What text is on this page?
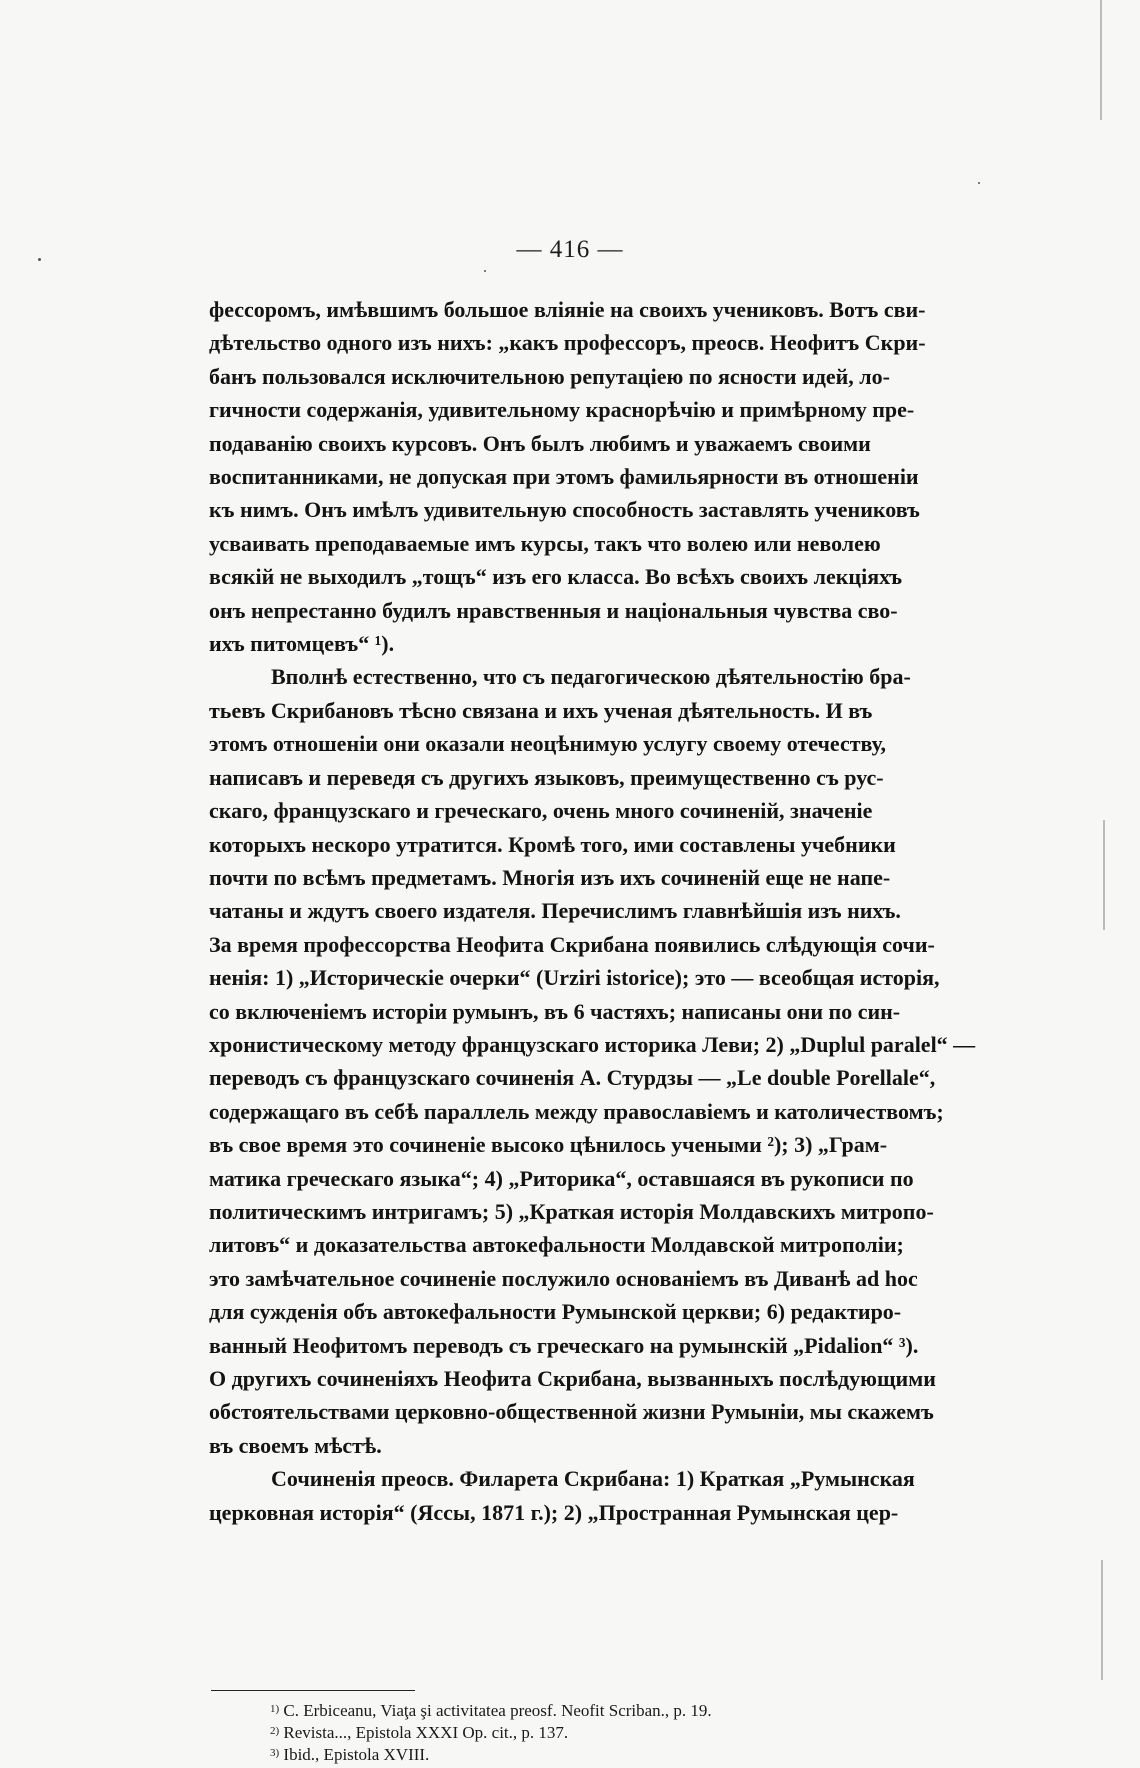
— 416 —

фессоромъ, имѣвшимъ большое вліяніе на своихъ учениковъ. Вотъ сви-
дѣтельство одного изъ нихъ: „какъ профессоръ, преосв. Неофитъ Скри-
банъ пользовался исключительною репутаціею по ясности идей, ло-
гичности содержанія, удивительному краснорѣчію и примѣрному пре-
подаванію своихъ курсовъ. Онъ былъ любимъ и уважаемъ своими
воспитанниками, не допуская при этомъ фамильярности въ отношеніи
къ нимъ. Онъ имѣлъ удивительную способность заставлять учениковъ
усваивать преподаваемые имъ курсы, такъ что волею или неволею
всякій не выходилъ „тощъ“ изъ его класса. Во всѣхъ своихъ лекціяхъ
онъ непрестанно будилъ нравственныя и національныя чувства сво-
ихъ питомцевъ“ ¹).

Вполнѣ естественно, что съ педагогическою дѣятельностію бра-
тьевъ Скрибановъ тѣсно связана и ихъ ученая дѣятельность. И въ
этомъ отношеніи они оказали неоцѣнимую услугу своему отечеству,
написавъ и переведя съ другихъ языковъ, преимущественно съ рус-
скаго, французскаго и греческаго, очень много сочиненій, значеніе
которыхъ нескоро утратится. Кромѣ того, ими составлены учебники
почти по всѣмъ предметамъ. Многія изъ ихъ сочиненій еще не напе-
чатаны и ждутъ своего издателя. Перечислимъ главнѣйшія изъ нихъ.
За время профессорства Неофита Скрибана появились слѣдующія сочи-
ненія: 1) „Историческіе очерки“ (Urziri istorice); это — всеобщая исторія,
со включеніемъ исторіи румынъ, въ 6 частяхъ; написаны они по син-
хронистическому методу французскаго историка Леви; 2) „Duplul paralel“ —
переводъ съ французскаго сочиненія А. Стурдзы — „Le double Porellale“,
содержащаго въ себѣ параллель между православіемъ и католичествомъ;
въ свое время это сочиненіе высоко цѣнилось учеными ²); 3) „Грам-
матика греческаго языка“; 4) „Риторика“, оставшаяся въ рукописи по
политическимъ интригамъ; 5) „Краткая исторія Молдавскихъ митропо-
литовъ“ и доказательства автокефальности Молдавской митрополіи;
это замѣчательное сочиненіе послужило основаніемъ въ Диванѣ ad hoc
для сужденія объ автокефальности Румынской церкви; 6) редактиро-
ванный Неофитомъ переводъ съ греческаго на румынскій „Pidalion“ ³).
О другихъ сочиненіяхъ Неофита Скрибана, вызванныхъ послѣдующими
обстоятельствами церковно-общественной жизни Румыніи, мы скажемъ
въ своемъ мѣстѣ.

Сочиненія преосв. Филарета Скрибана: 1) Краткая „Румынская
церковная исторія“ (Яссы, 1871 г.); 2) „Пространная Румынская цер-

$^{1)}$ C. Erbiceanu, Viaţa şi activitatea preosf. Neofit Scriban., p. 19.
$^{2)}$ Revista..., Epistola XXXI Op. cit., p. 137.
$^{3)}$ Ibid., Epistola XVIII.
